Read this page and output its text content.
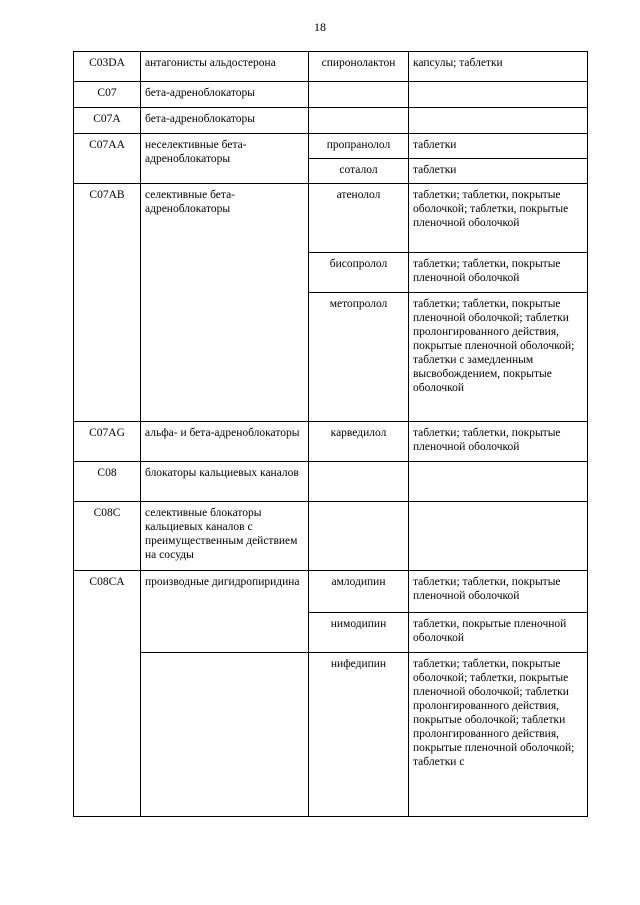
18
C03DA	антагонисты альдостерона	спиронолактон	капсулы; таблетки
C07	бета-адреноблокаторы		
C07A	бета-адреноблокаторы		
C07AA	неселективные бета-адреноблокаторы	пропранолол	таблетки
		соталол	таблетки
C07AB	селективные бета-адреноблокаторы	атенолол	таблетки; таблетки, покрытые оболочкой; таблетки, покрытые пленочной оболочкой
		бисопролол	таблетки; таблетки, покрытые пленочной оболочкой
		метопролол	таблетки; таблетки, покрытые пленочной оболочкой; таблетки пролонгированного действия, покрытые пленочной оболочкой; таблетки с замедленным высвобождением, покрытые оболочкой
C07AG	альфа- и бета-адреноблокаторы	карведилол	таблетки; таблетки, покрытые пленочной оболочкой
C08	блокаторы кальциевых каналов		
C08C	селективные блокаторы кальциевых каналов с преимущественным действием на сосуды		
C08CA	производные дигидропиридина	амлодипин	таблетки; таблетки, покрытые пленочной оболочкой
		нимодипин	таблетки, покрытые пленочной оболочкой
		нифедипин	таблетки; таблетки, покрытые оболочкой; таблетки, покрытые пленочной оболочкой; таблетки пролонгированного действия, покрытые оболочкой; таблетки пролонгированного действия, покрытые пленочной оболочкой; таблетки с
